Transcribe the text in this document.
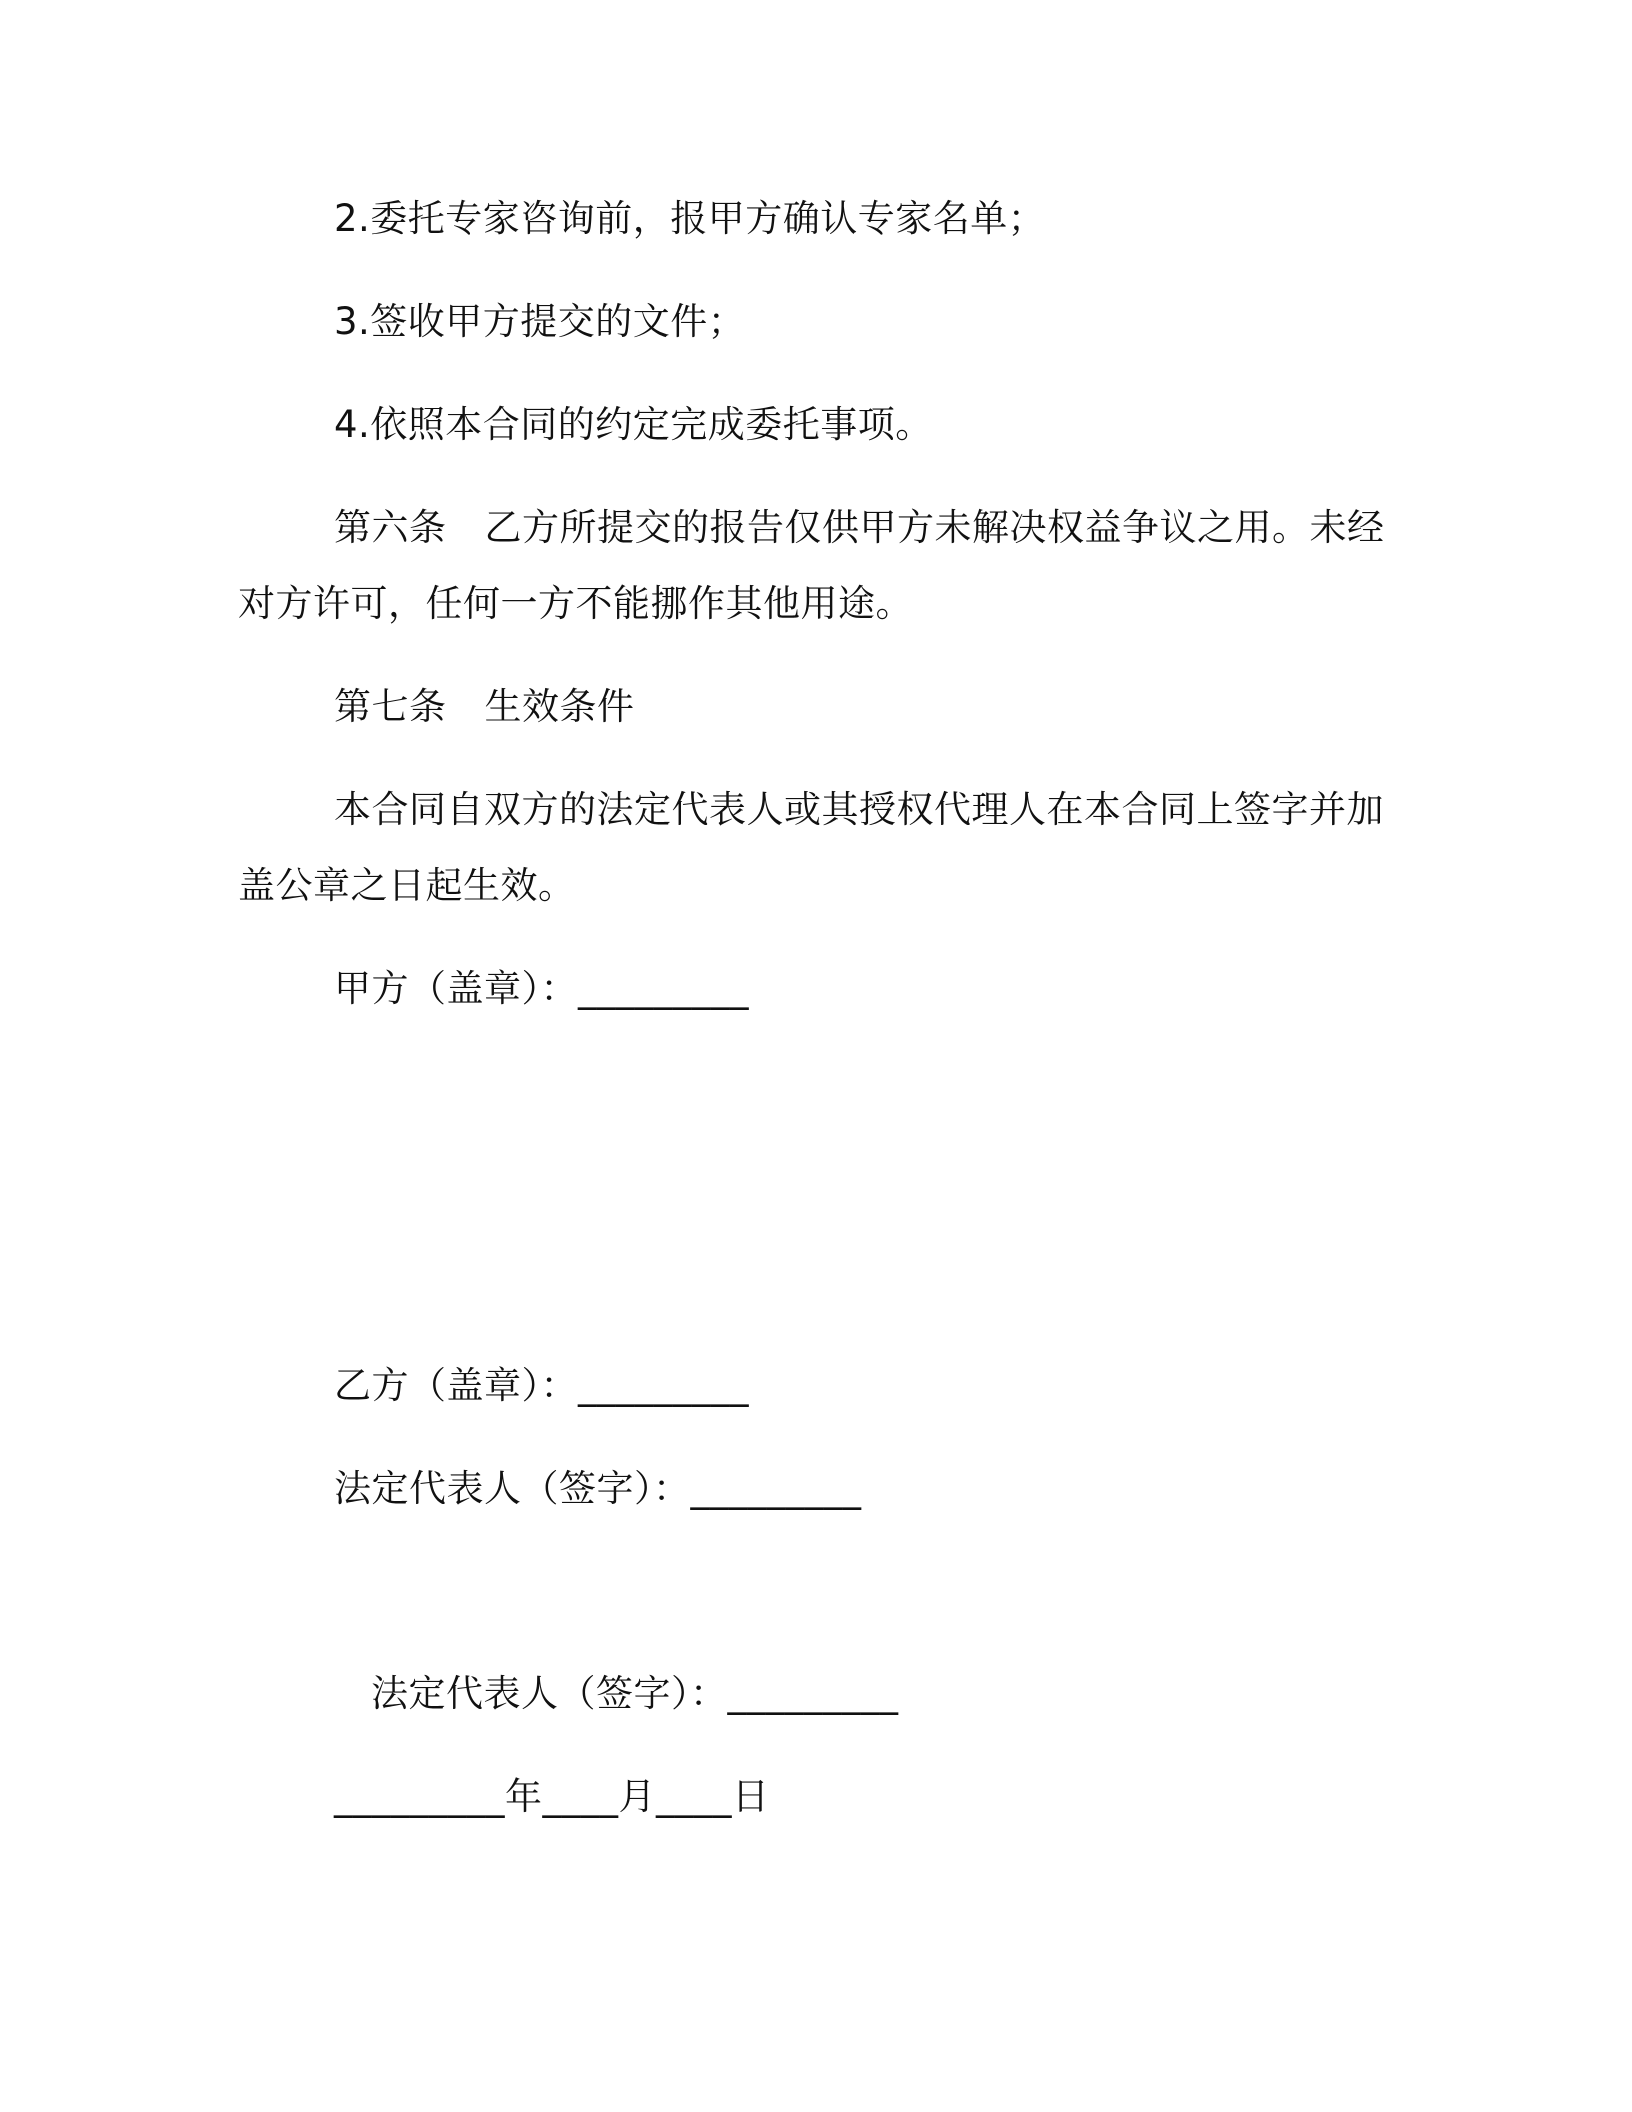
2.委托专家咨询前，报甲方确认专家名单；
3.签收甲方提交的文件；
4.依照本合同的约定完成委托事项。
第六条 乙方所提交的报告仅供甲方未解决权益争议之用。未经
对方许可，任何一方不能挪作其他用途。
第七条 生效条件
本合同自双方的法定代表人或其授权代理人在本合同上签字并加
盖公章之日起生效。
甲方（盖章）：_________
乙方（盖章）：_________
法定代表人（签字）：_________
法定代表人（签字）：_________
_________年____月____日
